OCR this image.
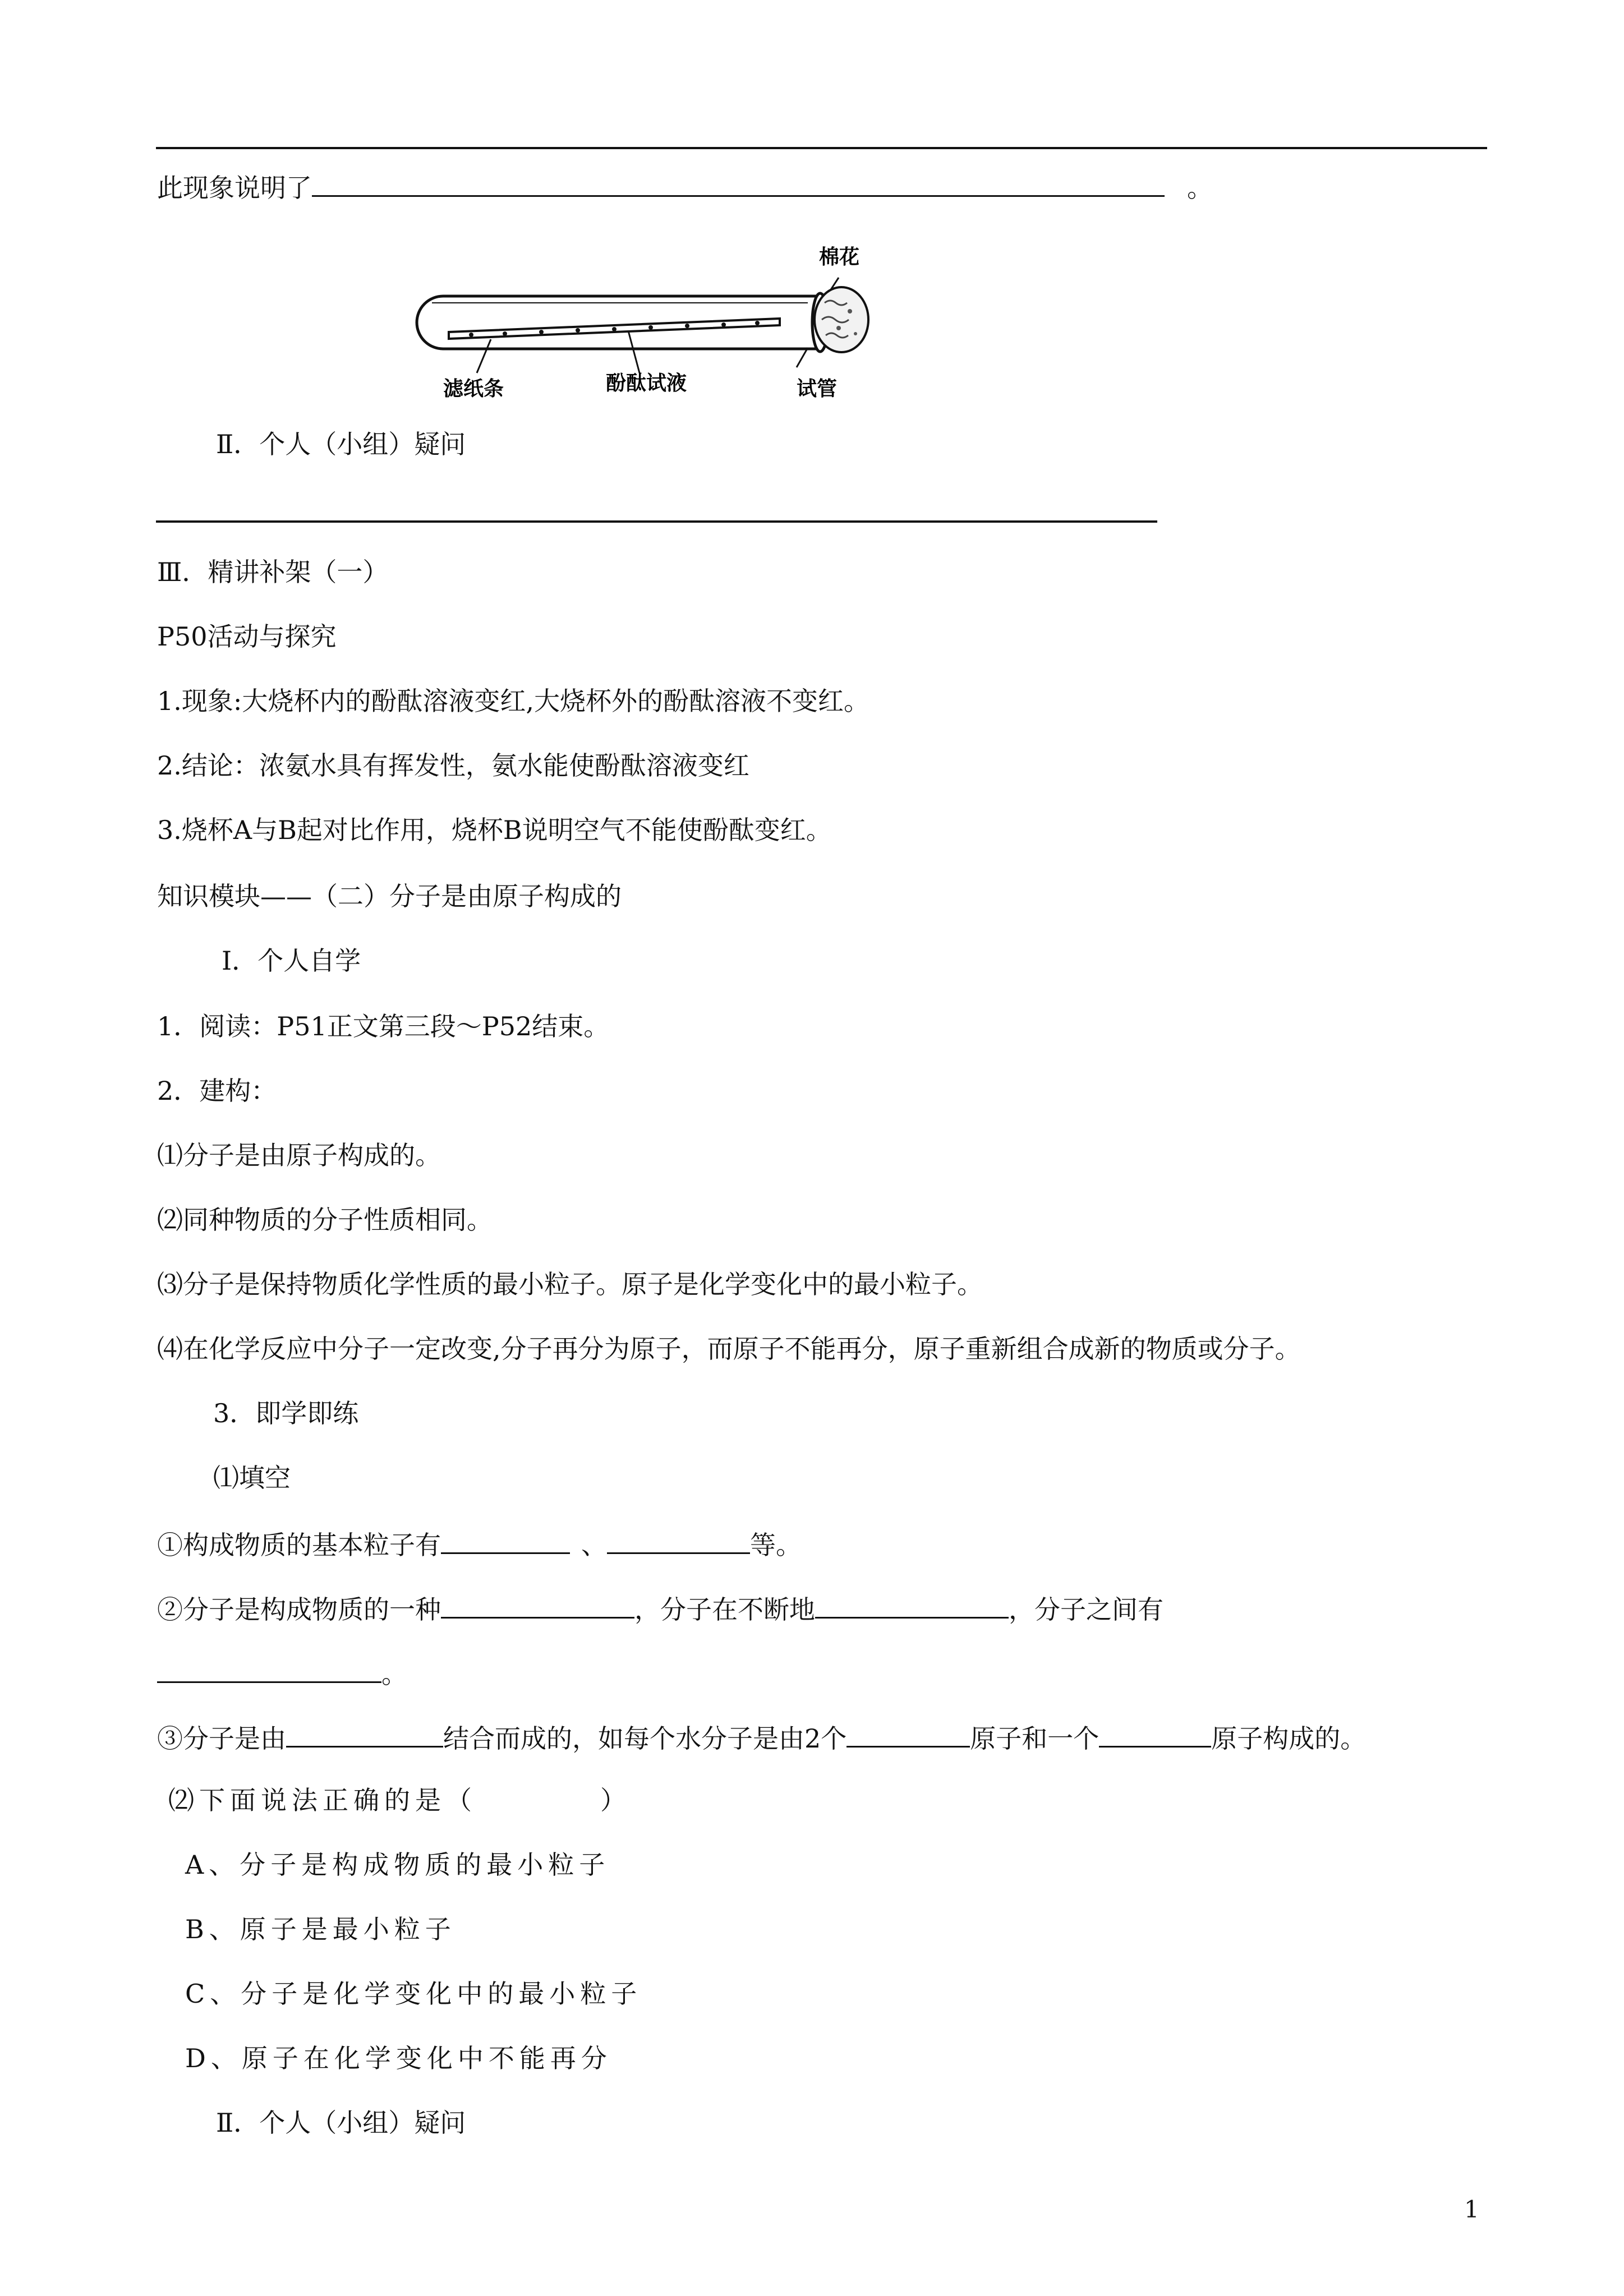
此现象说明了	。
棉花
滤纸条	酚酞试液	试管
Ⅱ．个人（小组）疑问
Ⅲ．精讲补架（一）
P50活动与探究
1.现象:大烧杯内的酚酞溶液变红,大烧杯外的酚酞溶液不变红。
2.结论：浓氨水具有挥发性，氨水能使酚酞溶液变红
3.烧杯A与B起对比作用，烧杯B说明空气不能使酚酞变红。
知识模块——（二）分子是由原子构成的
Ⅰ．个人自学
1．阅读：P51正文第三段～P52结束。
2．建构：
⑴分子是由原子构成的。
⑵同种物质的分子性质相同。
⑶分子是保持物质化学性质的最小粒子。原子是化学变化中的最小粒子。
⑷在化学反应中分子一定改变,分子再分为原子，而原子不能再分，原子重新组合成新的物质或分子。
3．即学即练
⑴填空
①构成物质的基本粒子有	、	等。
②分子是构成物质的一种	，分子在不断地	，分子之间有
。
③分子是由	结合而成的，如每个水分子是由2个	原子和一个	原子构成的。
⑵下面说法正确的是（　　　　）
A、分子是构成物质的最小粒子
B、原子是最小粒子
C、分子是化学变化中的最小粒子
D、原子在化学变化中不能再分
Ⅱ．个人（小组）疑问
1
